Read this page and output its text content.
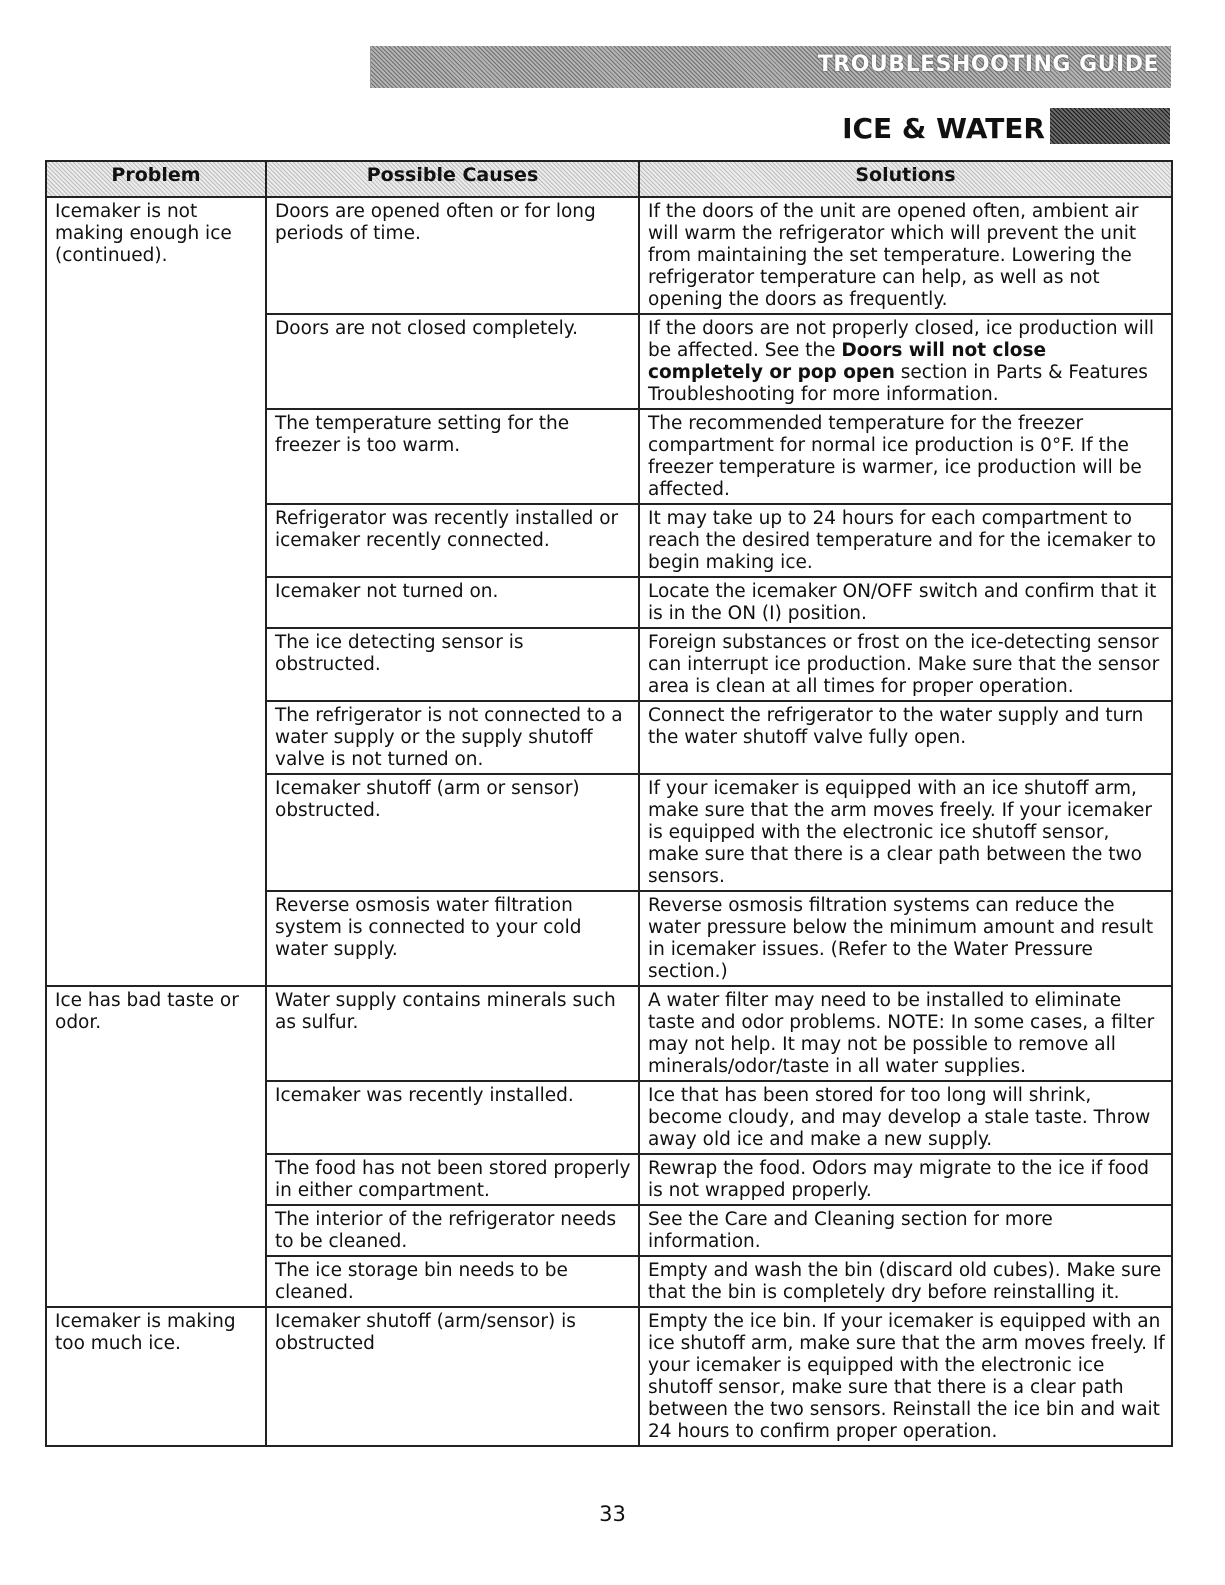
TROUBLESHOOTING GUIDE
ICE & WATER
Problem	Possible Causes	Solutions
Icemaker is not making enough ice (continued).	Doors are opened often or for long periods of time.	If the doors of the unit are opened often, ambient air will warm the refrigerator which will prevent the unit from maintaining the set temperature. Lowering the refrigerator temperature can help, as well as not opening the doors as frequently.
	Doors are not closed completely.	If the doors are not properly closed, ice production will be affected. See the Doors will not close completely or pop open section in Parts & Features Troubleshooting for more information.
	The temperature setting for the freezer is too warm.	The recommended temperature for the freezer compartment for normal ice production is 0°F. If the freezer temperature is warmer, ice production will be affected.
	Refrigerator was recently installed or icemaker recently connected.	It may take up to 24 hours for each compartment to reach the desired temperature and for the icemaker to begin making ice.
	Icemaker not turned on.	Locate the icemaker ON/OFF switch and confirm that it is in the ON (I) position.
	The ice detecting sensor is obstructed.	Foreign substances or frost on the ice-detecting sensor can interrupt ice production. Make sure that the sensor area is clean at all times for proper operation.
	The refrigerator is not connected to a water supply or the supply shutoff valve is not turned on.	Connect the refrigerator to the water supply and turn the water shutoff valve fully open.
	Icemaker shutoff (arm or sensor) obstructed.	If your icemaker is equipped with an ice shutoff arm, make sure that the arm moves freely. If your icemaker is equipped with the electronic ice shutoff sensor, make sure that there is a clear path between the two sensors.
	Reverse osmosis water filtration system is connected to your cold water supply.	Reverse osmosis filtration systems can reduce the water pressure below the minimum amount and result in icemaker issues. (Refer to the Water Pressure section.)
Ice has bad taste or odor.	Water supply contains minerals such as sulfur.	A water filter may need to be installed to eliminate taste and odor problems. NOTE: In some cases, a filter may not help. It may not be possible to remove all minerals/odor/taste in all water supplies.
	Icemaker was recently installed.	Ice that has been stored for too long will shrink, become cloudy, and may develop a stale taste. Throw away old ice and make a new supply.
	The food has not been stored properly in either compartment.	Rewrap the food. Odors may migrate to the ice if food is not wrapped properly.
	The interior of the refrigerator needs to be cleaned.	See the Care and Cleaning section for more information.
	The ice storage bin needs to be cleaned.	Empty and wash the bin (discard old cubes). Make sure that the bin is completely dry before reinstalling it.
Icemaker is making too much ice.	Icemaker shutoff (arm/sensor) is obstructed	Empty the ice bin. If your icemaker is equipped with an ice shutoff arm, make sure that the arm moves freely. If your icemaker is equipped with the electronic ice shutoff sensor, make sure that there is a clear path between the two sensors. Reinstall the ice bin and wait 24 hours to confirm proper operation.
33
